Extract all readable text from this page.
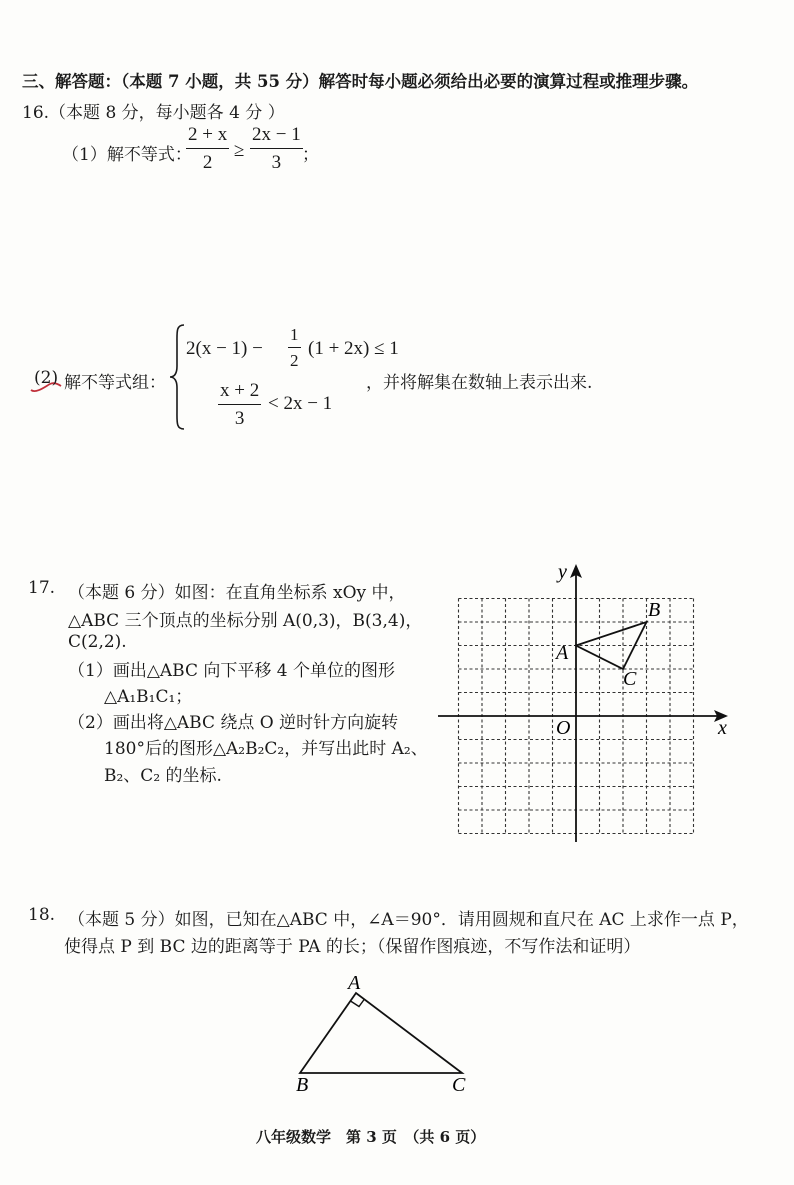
三、解答题：（本题 7 小题，共 55 分）解答时每小题必须给出必要的演算过程或推理步骤。
16.（本题 8 分，每小题各 4 分 ）
（1）解不等式：
$\frac{2 + x}{2} \ge \frac{2x - 1}{3}$ ；
(2) 解不等式组：
$2(x - 1) - \frac{1}{2} (1 + 2x) \le 1$
$\frac{x + 2}{3} < 2x - 1$
，并将解集在数轴上表示出来.
17. （本题 6 分）如图：在直角坐标系 xOy 中，
△ABC 三个顶点的坐标分别 A(0,3)，B(3,4)，
C(2,2).
（1）画出△ABC 向下平移 4 个单位的图形
△A₁B₁C₁；
（2）画出将△ABC 绕点 O 逆时针方向旋转
180°后的图形△A₂B₂C₂，并写出此时 A₂、
B₂、C₂ 的坐标.
x
y
O
A
B
C
18. （本题 5 分）如图，已知在△ABC 中，∠A＝90°．请用圆规和直尺在 AC 上求作一点 P，
使得点 P 到 BC 边的距离等于 PA 的长；（保留作图痕迹，不写作法和证明）
A
B	C
八年级数学　第 3 页　（共 6 页）
